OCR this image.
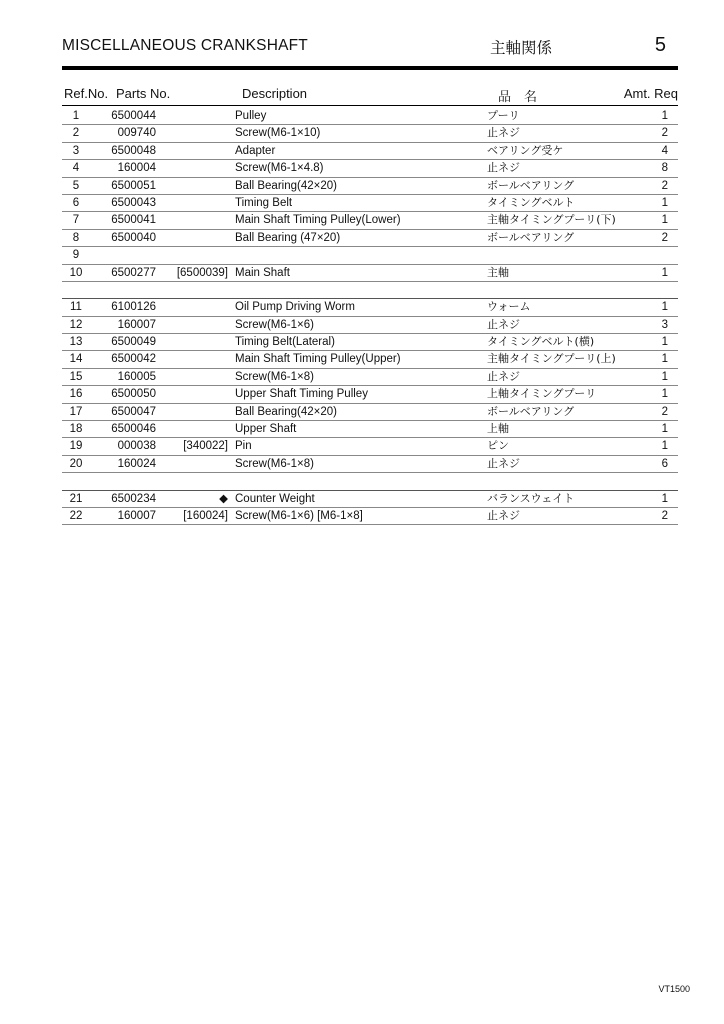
MISCELLANEOUS CRANKSHAFT	主軸関係	5
Ref.No. Parts No.	Description	品　名	Amt. Req
1	6500044	Pulley	プーリ	1
2	009740	Screw(M6-1×10)	止ネジ	2
3	6500048	Adapter	ベアリング受ケ	4
4	160004	Screw(M6-1×4.8)	止ネジ	8
5	6500051	Ball Bearing(42×20)	ボールベアリング	2
6	6500043	Timing Belt	タイミングベルト	1
7	6500041	Main Shaft Timing Pulley(Lower)	主軸タイミングプーリ(下)	1
8	6500040	Ball Bearing (47×20)	ボールベアリング	2
9
10	6500277	[6500039] Main Shaft	主軸	1
11	6100126	Oil Pump Driving Worm	ウォーム	1
12	160007	Screw(M6-1×6)	止ネジ	3
13	6500049	Timing Belt(Lateral)	タイミングベルト(横)	1
14	6500042	Main Shaft Timing Pulley(Upper)	主軸タイミングプーリ(上)	1
15	160005	Screw(M6-1×8)	止ネジ	1
16	6500050	Upper Shaft Timing Pulley	上軸タイミングプーリ	1
17	6500047	Ball Bearing(42×20)	ボールベアリング	2
18	6500046	Upper Shaft	上軸	1
19	000038	[340022] Pin	ピン	1
20	160024	Screw(M6-1×8)	止ネジ	6
21	6500234	◆ Counter Weight	バランスウェイト	1
22	160007	[160024] Screw(M6-1×6) [M6-1×8]	止ネジ	2
VT1500
